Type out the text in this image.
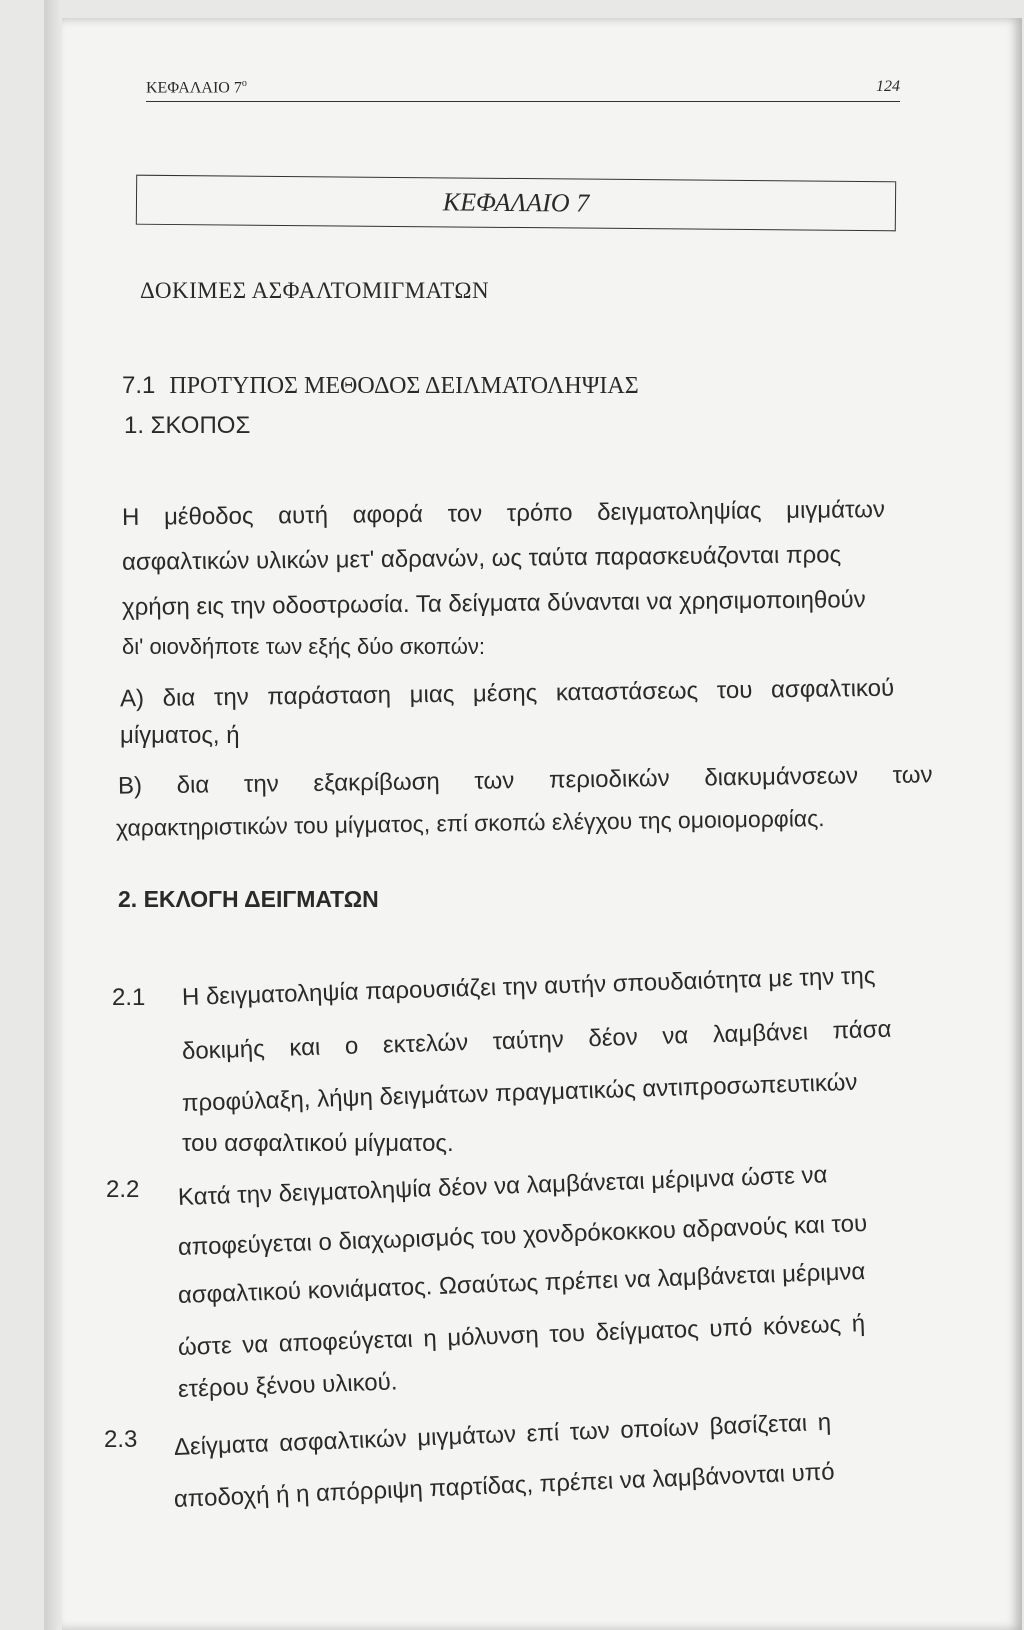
ΚΕΦΑΛΑΙΟ $7^o$	124
ΚΕΦΑΛΑΙΟ 7
ΔΟΚΙΜΕΣ ΑΣΦΑΛΤΟΜΙΓΜΑΤΩΝ
7.1 ΠΡΟΤΥΠΟΣ ΜΕΘΟΔΟΣ ΔΕΙΛΜΑΤΟΛΗΨΙΑΣ
1. ΣΚΟΠΟΣ
Η μέθοδος αυτή αφορά τον τρόπο δειγματοληψίας μιγμάτων
ασφαλτικών υλικών μετ' αδρανών, ως ταύτα παρασκευάζονται προς
χρήση εις την οδοστρωσία. Τα δείγματα δύνανται να χρησιμοποιηθούν
δι' οιονδήποτε των εξής δύο σκοπών:
Α) δια την παράσταση μιας μέσης καταστάσεως του ασφαλτικού
μίγματος, ή
Β) δια την εξακρίβωση των περιοδικών διακυμάνσεων των
χαρακτηριστικών του μίγματος, επί σκοπώ ελέγχου της ομοιομορφίας.
2. ΕΚΛΟΓΗ ΔΕΙΓΜΑΤΩΝ
2.1 Η δειγματοληψία παρουσιάζει την αυτήν σπουδαιότητα με την της
δοκιμής και ο εκτελών ταύτην δέον να λαμβάνει πάσα
προφύλαξη, λήψη δειγμάτων πραγματικώς αντιπροσωπευτικών
του ασφαλτικού μίγματος.
2.2 Κατά την δειγματοληψία δέον να λαμβάνεται μέριμνα ώστε να
αποφεύγεται ο διαχωρισμός του χονδρόκοκκου αδρανούς και του
ασφαλτικού κονιάματος. Ωσαύτως πρέπει να λαμβάνεται μέριμνα
ώστε να αποφεύγεται η μόλυνση του δείγματος υπό κόνεως ή
ετέρου ξένου υλικού.
2.3 Δείγματα ασφαλτικών μιγμάτων επί των οποίων βασίζεται η
αποδοχή ή η απόρριψη παρτίδας, πρέπει να λαμβάνονται υπό
